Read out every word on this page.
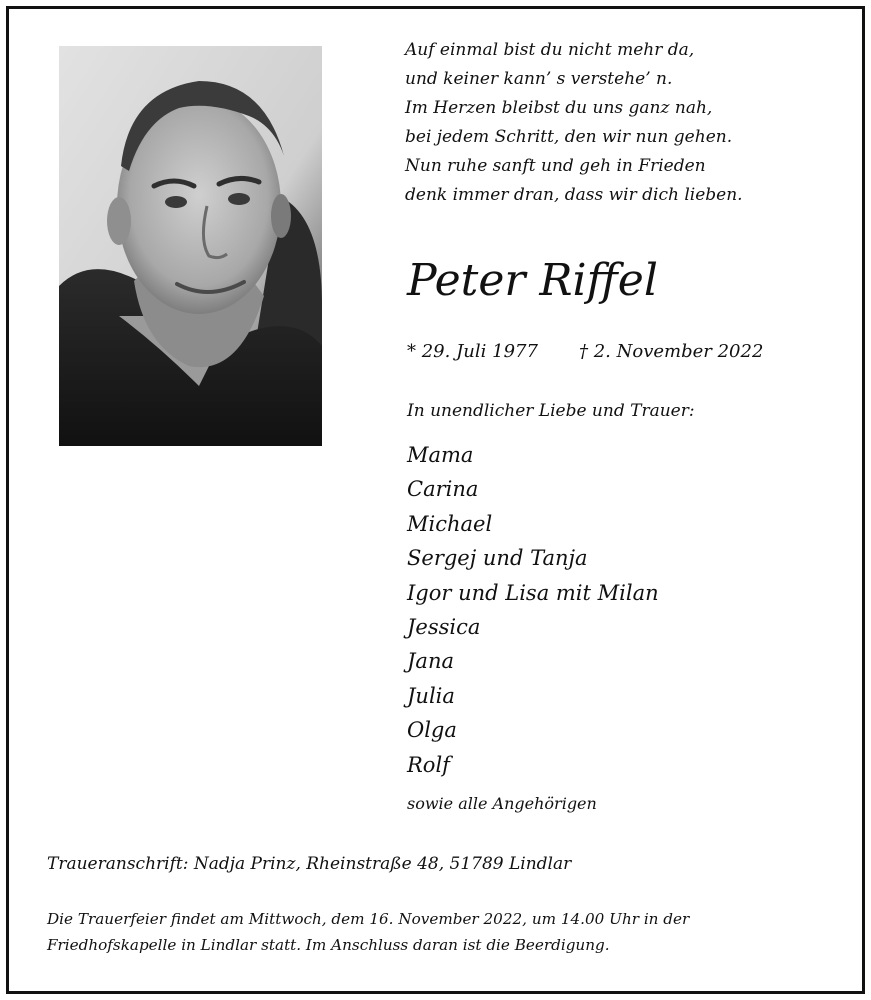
Auf einmal bist du nicht mehr da,
und keiner kann’ s verstehe’ n.
Im Herzen bleibst du uns ganz nah,
bei jedem Schritt, den wir nun gehen.
Nun ruhe sanft und geh in Frieden
denk immer dran, dass wir dich lieben.
Peter Riffel
* 29. Juli 1977 † 2. November 2022
In unendlicher Liebe und Trauer:
Mama
Carina
Michael
Sergej und Tanja
Igor und Lisa mit Milan
Jessica
Jana
Julia
Olga
Rolf
sowie alle Angehörigen
Traueranschrift: Nadja Prinz, Rheinstraße 48, 51789 Lindlar
Die Trauerfeier findet am Mittwoch, dem 16. November 2022, um 14.00 Uhr in der
Friedhofskapelle in Lindlar statt. Im Anschluss daran ist die Beerdigung.
